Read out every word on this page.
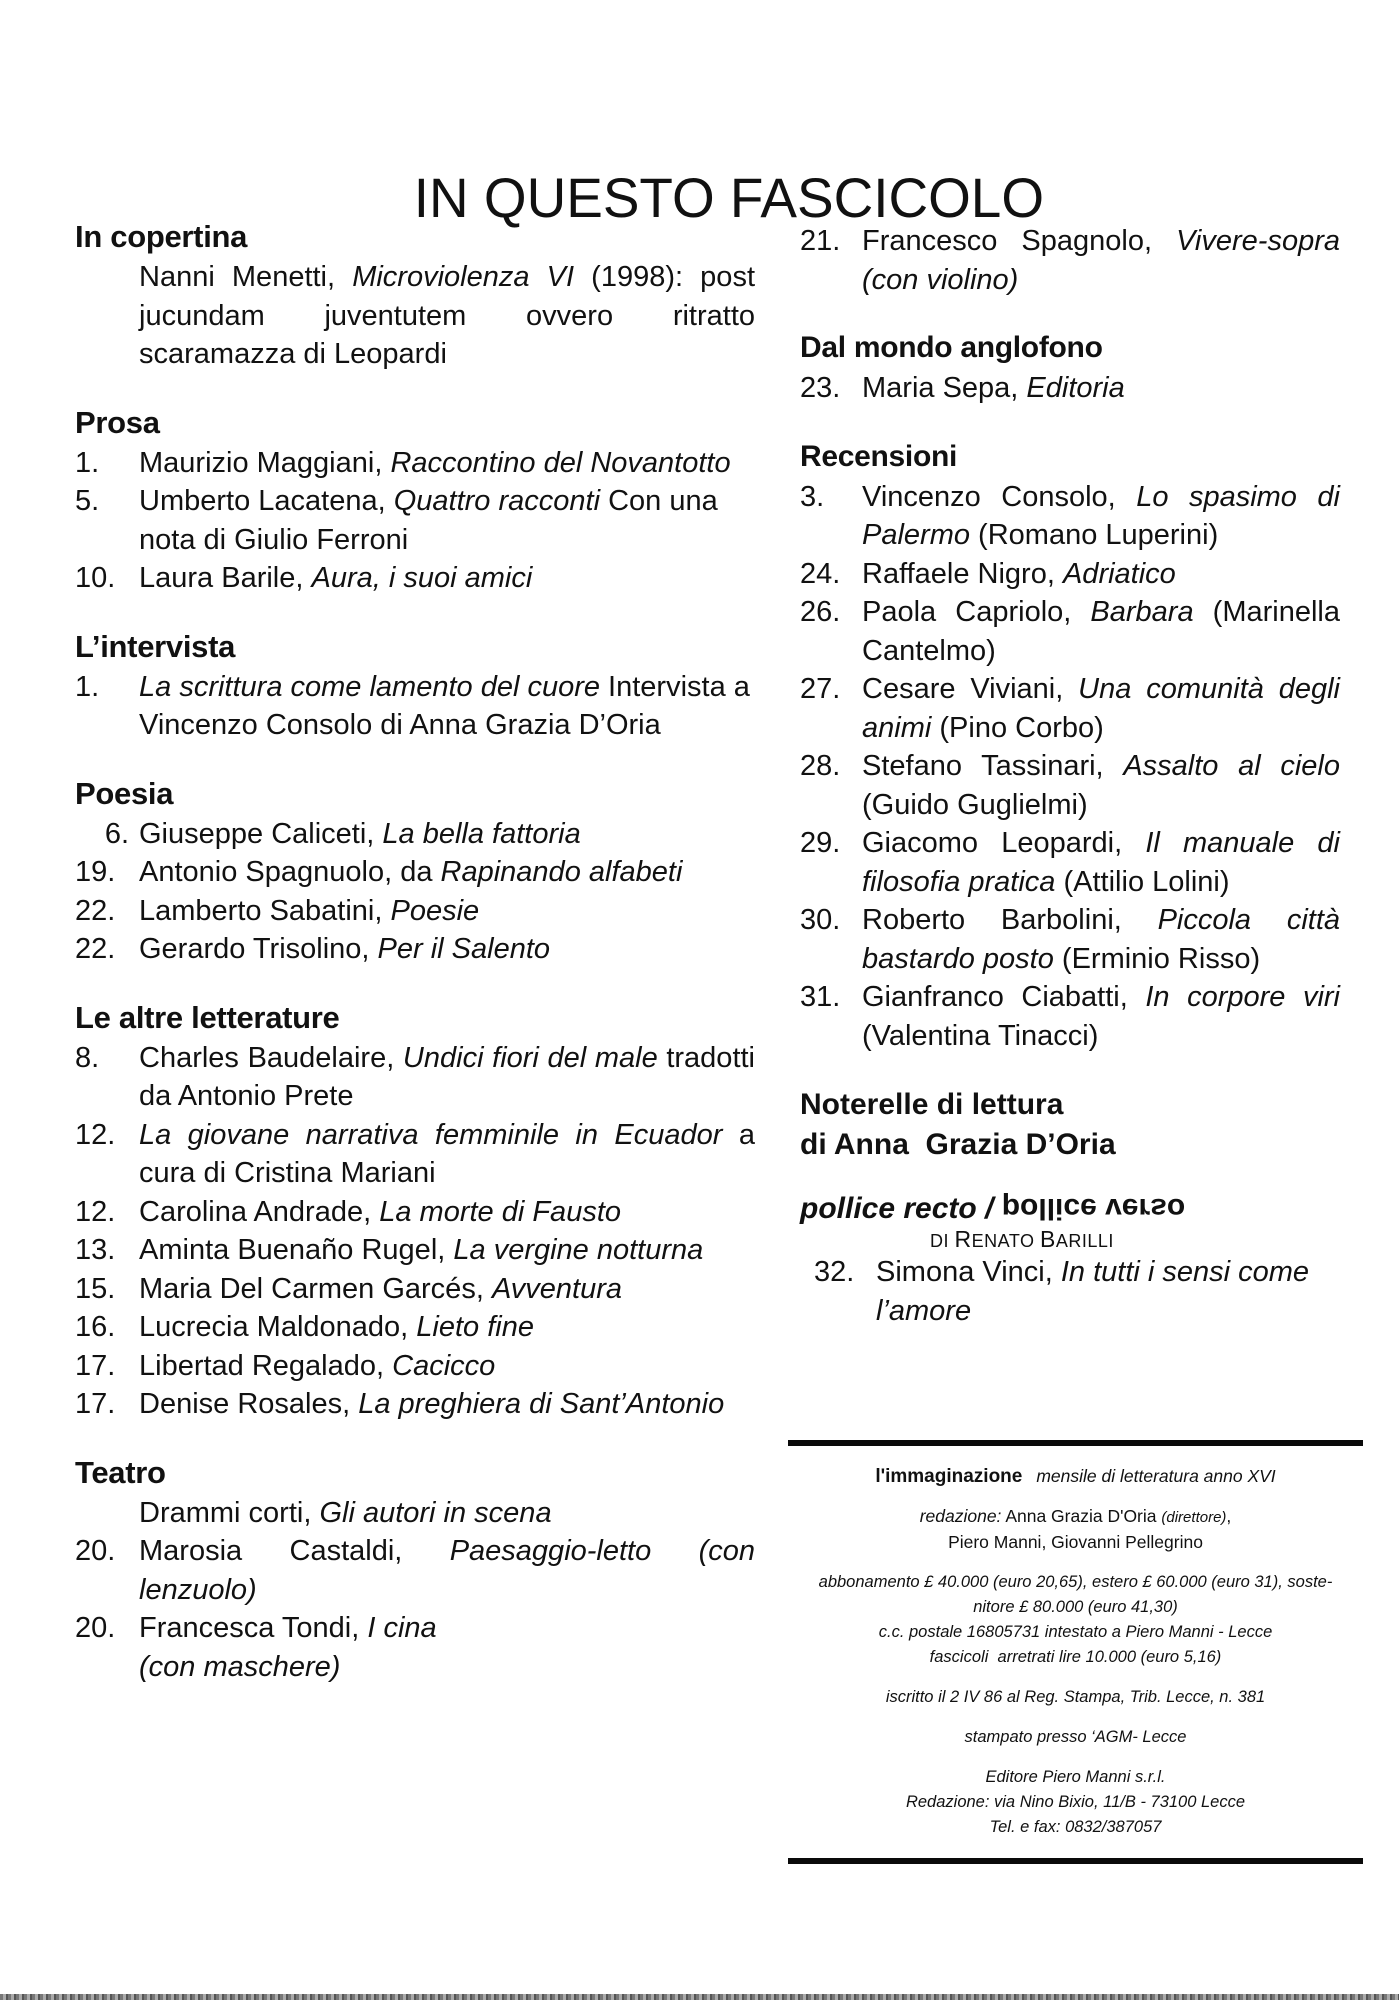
IN QUESTO FASCICOLO
In copertina
Nanni Menetti, Microviolenza VI (1998): post jucundam juventutem ovvero ritratto scaramazza di Leopardi
Prosa
1.	Maurizio Maggiani, Raccontino del Novantotto
5.	Umberto Lacatena, Quattro racconti Con una nota di Giulio Ferroni
10. Laura Barile, Aura, i suoi amici
L’intervista
1.	La scrittura come lamento del cuore Intervista a Vincenzo Consolo di Anna Grazia D’Oria
Poesia
6. Giuseppe Caliceti, La bella fattoria
19. Antonio Spagnuolo, da Rapinando alfabeti
22. Lamberto Sabatini, Poesie
22. Gerardo Trisolino, Per il Salento
Le altre letterature
8.	Charles Baudelaire, Undici fiori del male tradotti da Antonio Prete
12. La giovane narrativa femminile in Ecuador a cura di Cristina Mariani
12. Carolina Andrade, La morte di Fausto
13. Aminta Buenaño Rugel, La vergine notturna
15. Maria Del Carmen Garcés, Avventura
16. Lucrecia Maldonado, Lieto fine
17. Libertad Regalado, Cacicco
17. Denise Rosales, La preghiera di Sant’Antonio
Teatro
Drammi corti, Gli autori in scena
20. Marosia Castaldi, Paesaggio-letto (con lenzuolo)
20. Francesca Tondi, I cina
(con maschere)
21. Francesco Spagnolo, Vivere-sopra (con violino)
Dal mondo anglofono
23. Maria Sepa, Editoria
Recensioni
3.	Vincenzo Consolo, Lo spasimo di Palermo (Romano Luperini)
24. Raffaele Nigro, Adriatico
26. Paola Capriolo, Barbara (Marinella Cantelmo)
27. Cesare Viviani, Una comunità degli animi (Pino Corbo)
28. Stefano Tassinari, Assalto al cielo (Guido Guglielmi)
29. Giacomo Leopardi, Il manuale di filosofia pratica (Attilio Lolini)
30. Roberto Barbolini, Piccola città bastardo posto (Erminio Risso)
31. Gianfranco Ciabatti, In corpore viri (Valentina Tinacci)
Noterelle di lettura
di Anna  Grazia D’Oria
pollice recto / pollice verso
DI RENATO BARILLI
32. Simona Vinci, In tutti i sensi come l’amore

l'immaginazione mensile di letteratura anno XVI

redazione: Anna Grazia D'Oria (direttore),
Piero Manni, Giovanni Pellegrino

abbonamento £ 40.000 (euro 20,65), estero £ 60.000 (euro 31), soste-
nitore £ 80.000 (euro 41,30)
c.c. postale 16805731 intestato a Piero Manni - Lecce
fascicoli  arretrati lire 10.000 (euro 5,16)

iscritto il 2 IV 86 al Reg. Stampa, Trib. Lecce, n. 381

stampato presso ‘AGM- Lecce

Editore Piero Manni s.r.l.
Redazione: via Nino Bixio, 11/B - 73100 Lecce
Tel. e fax: 0832/387057
